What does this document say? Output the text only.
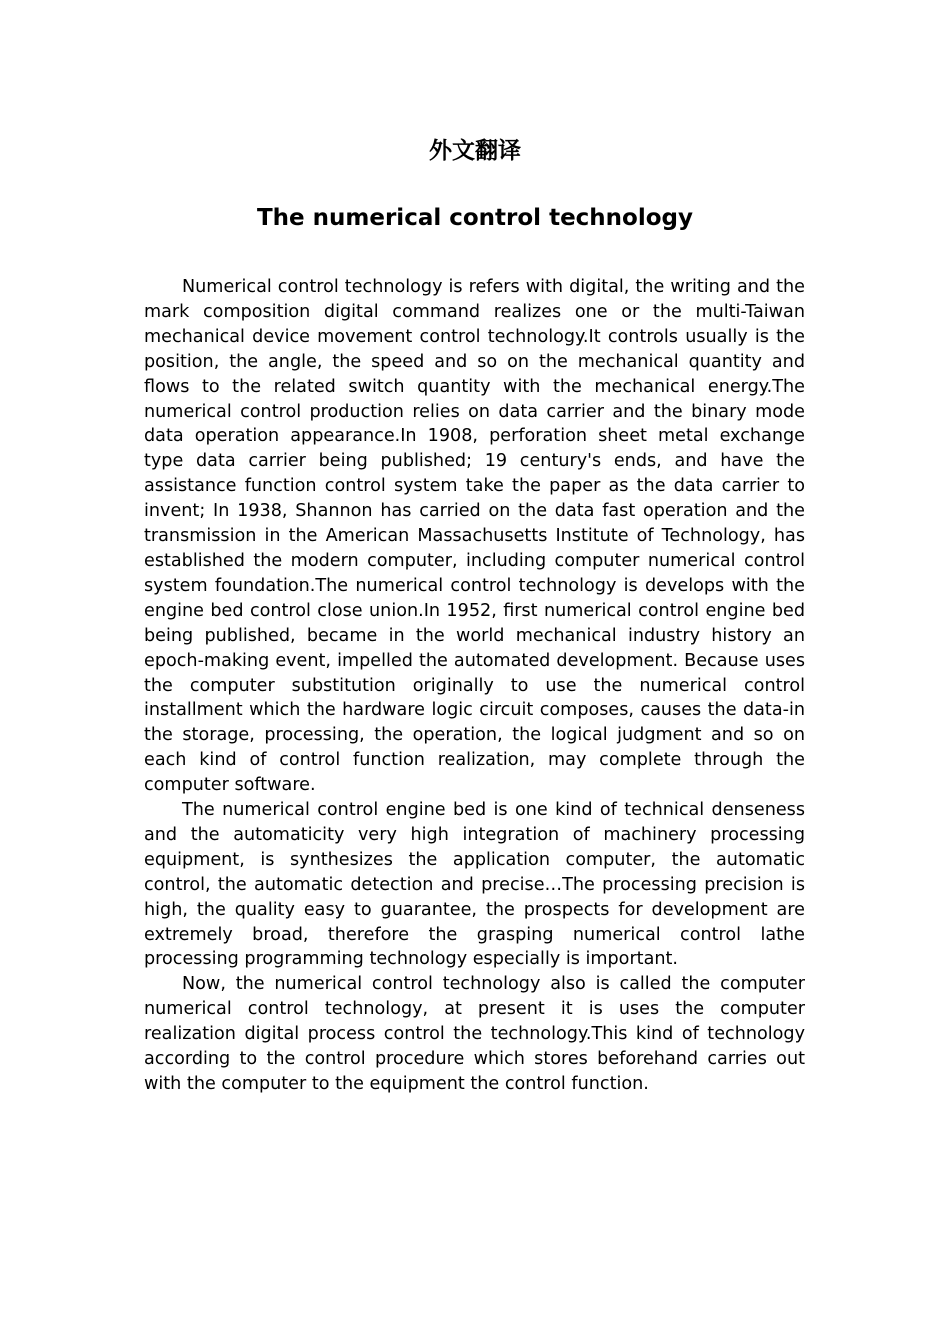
外文翻译
The numerical control technology

Numerical control technology is refers with digital, the writing and the mark composition digital command realizes one or the multi-Taiwan mechanical device movement control technology.It controls usually is the position, the angle, the speed and so on the mechanical quantity and flows to the related switch quantity with the mechanical energy.The numerical control production relies on data carrier and the binary mode data operation appearance.In 1908, perforation sheet metal exchange type data carrier being published; 19 century's ends, and have the assistance function control system take the paper as the data carrier to invent; In 1938, Shannon has carried on the data fast operation and the transmission in the American Massachusetts Institute of Technology, has established the modern computer, including computer numerical control system foundation.The numerical control technology is develops with the engine bed control close union.In 1952, first numerical control engine bed being published, became in the world mechanical industry history an epoch-making event, impelled the automated development. Because uses the computer substitution originally to use the numerical control installment which the hardware logic circuit composes, causes the data-in the storage, processing, the operation, the logical judgment and so on each kind of control function realization, may complete through the computer software.

The numerical control engine bed is one kind of technical denseness and the automaticity very high integration of machinery processing equipment, is synthesizes the application computer, the automatic control, the automatic detection and precise…The processing precision is high, the quality easy to guarantee, the prospects for development are extremely broad, therefore the grasping numerical control lathe processing programming technology especially is important.

Now, the numerical control technology also is called the computer numerical control technology, at present it is uses the computer realization digital process control the technology.This kind of technology according to the control procedure which stores beforehand carries out with the computer to the equipment the control function.
